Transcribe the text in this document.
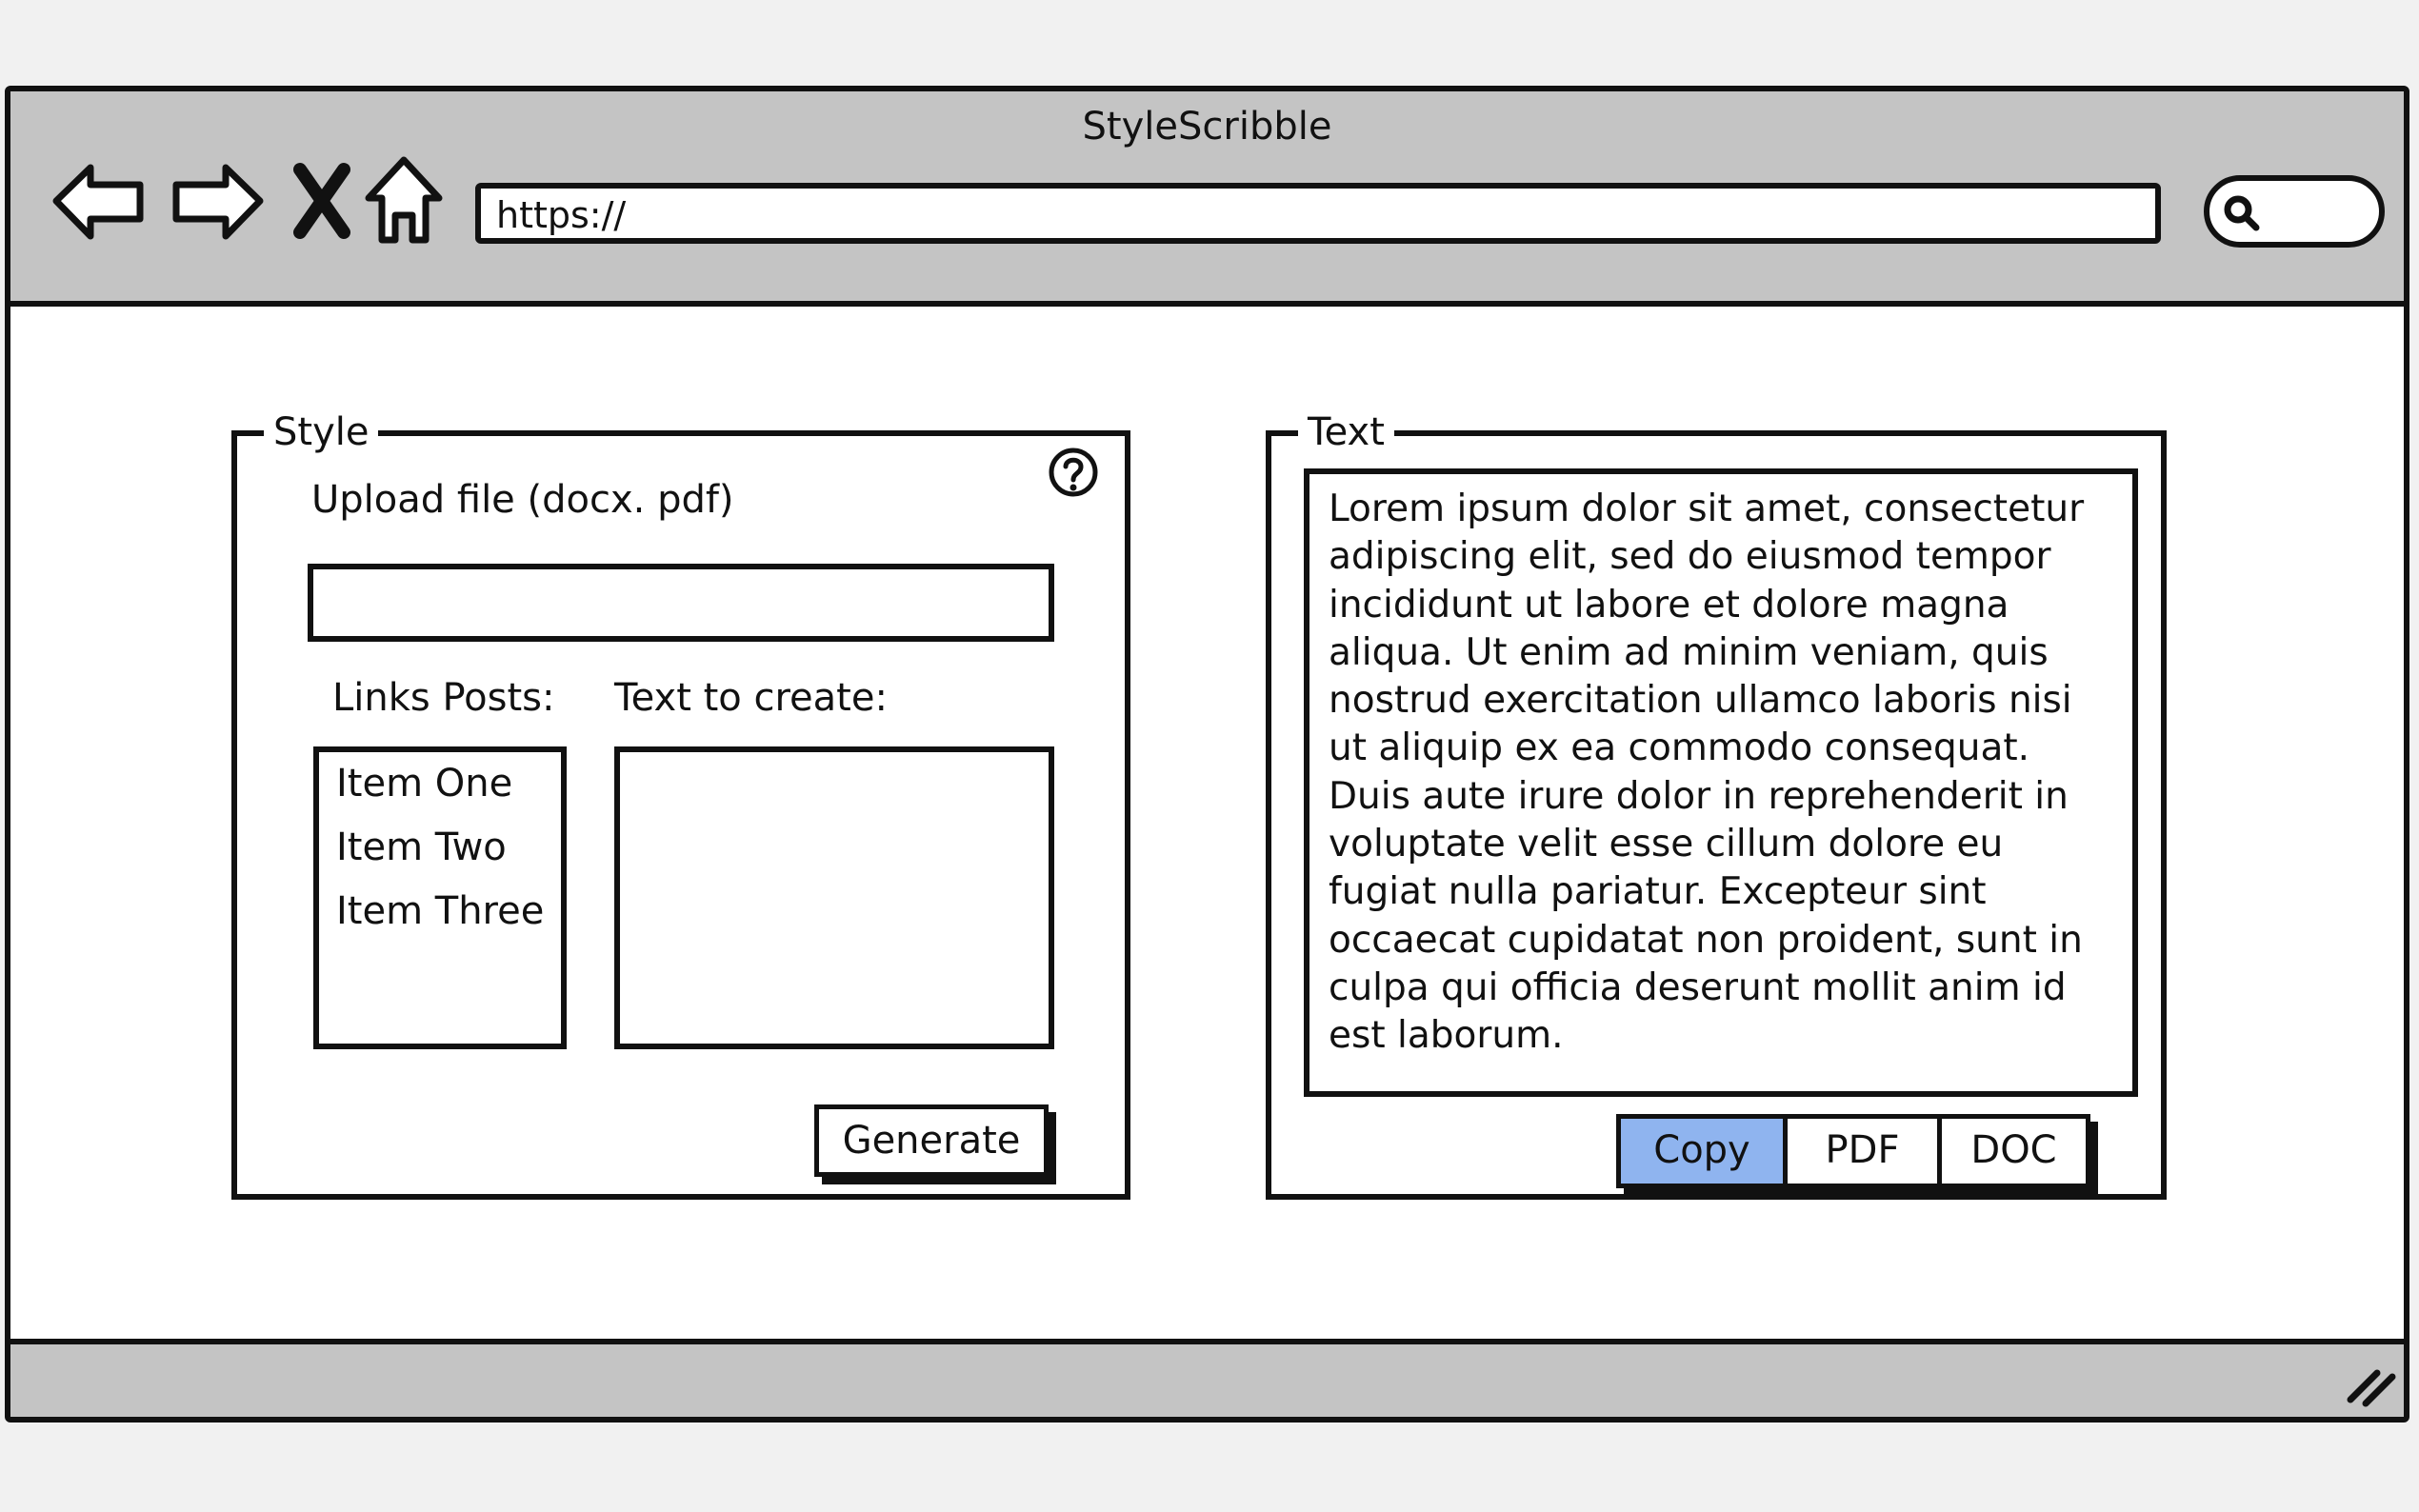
StyleScribble
https://
Style
Upload file (docx. pdf)
Links Posts:
Item One
Item Two
Item Three
Text to create:
Generate
Text
Lorem ipsum dolor sit amet, consectetur adipiscing elit, sed do eiusmod tempor incididunt ut labore et dolore magna aliqua. Ut enim ad minim veniam, quis nostrud exercitation ullamco laboris nisi ut aliquip ex ea commodo consequat. Duis aute irure dolor in reprehenderit in voluptate velit esse cillum dolore eu fugiat nulla pariatur. Excepteur sint occaecat cupidatat non proident, sunt in culpa qui officia deserunt mollit anim id est laborum.
Copy	PDF	DOC
